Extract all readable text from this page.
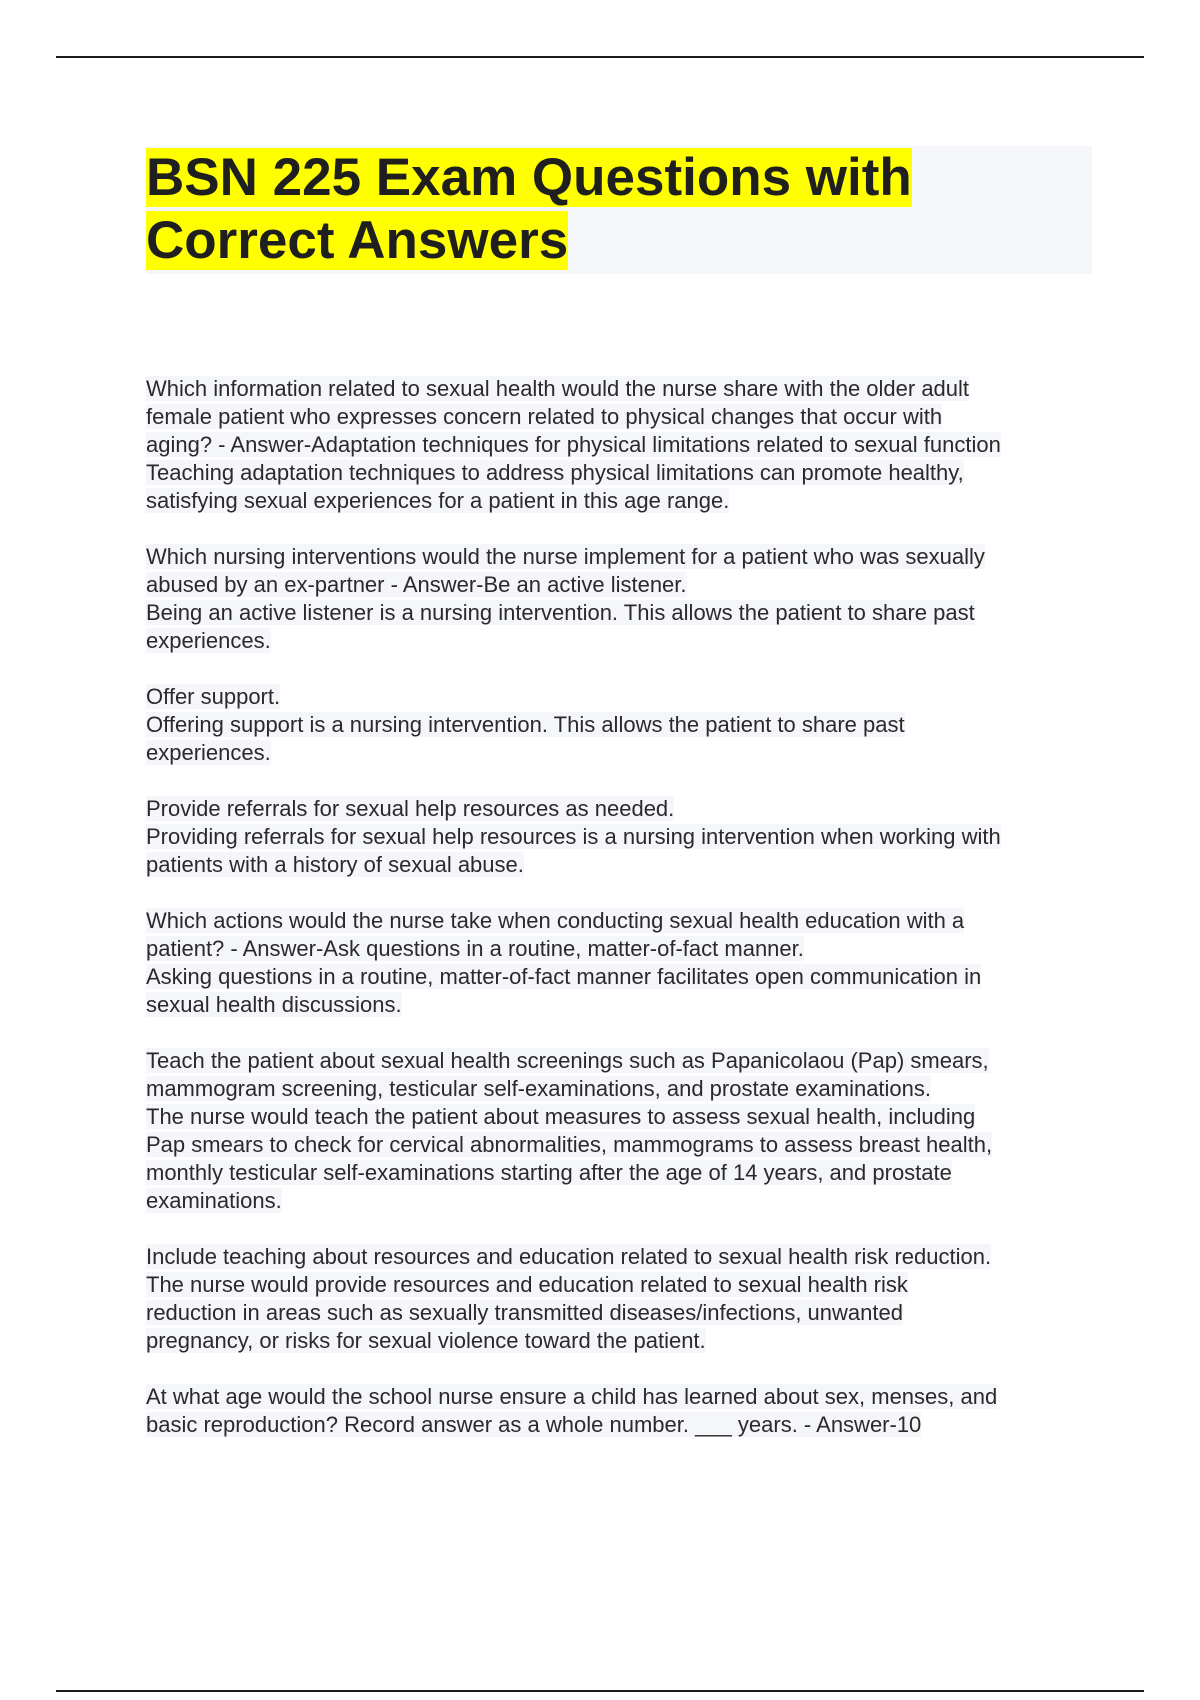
BSN 225 Exam Questions with
Correct Answers
Which information related to sexual health would the nurse share with the older adult
female patient who expresses concern related to physical changes that occur with
aging? - Answer-Adaptation techniques for physical limitations related to sexual function
Teaching adaptation techniques to address physical limitations can promote healthy,
satisfying sexual experiences for a patient in this age range.
Which nursing interventions would the nurse implement for a patient who was sexually
abused by an ex-partner - Answer-Be an active listener.
Being an active listener is a nursing intervention. This allows the patient to share past
experiences.
Offer support.
Offering support is a nursing intervention. This allows the patient to share past
experiences.
Provide referrals for sexual help resources as needed.
Providing referrals for sexual help resources is a nursing intervention when working with
patients with a history of sexual abuse.
Which actions would the nurse take when conducting sexual health education with a
patient? - Answer-Ask questions in a routine, matter-of-fact manner.
Asking questions in a routine, matter-of-fact manner facilitates open communication in
sexual health discussions.
Teach the patient about sexual health screenings such as Papanicolaou (Pap) smears,
mammogram screening, testicular self-examinations, and prostate examinations.
The nurse would teach the patient about measures to assess sexual health, including
Pap smears to check for cervical abnormalities, mammograms to assess breast health,
monthly testicular self-examinations starting after the age of 14 years, and prostate
examinations.
Include teaching about resources and education related to sexual health risk reduction.
The nurse would provide resources and education related to sexual health risk
reduction in areas such as sexually transmitted diseases/infections, unwanted
pregnancy, or risks for sexual violence toward the patient.
At what age would the school nurse ensure a child has learned about sex, menses, and
basic reproduction? Record answer as a whole number. ___ years. - Answer-10
